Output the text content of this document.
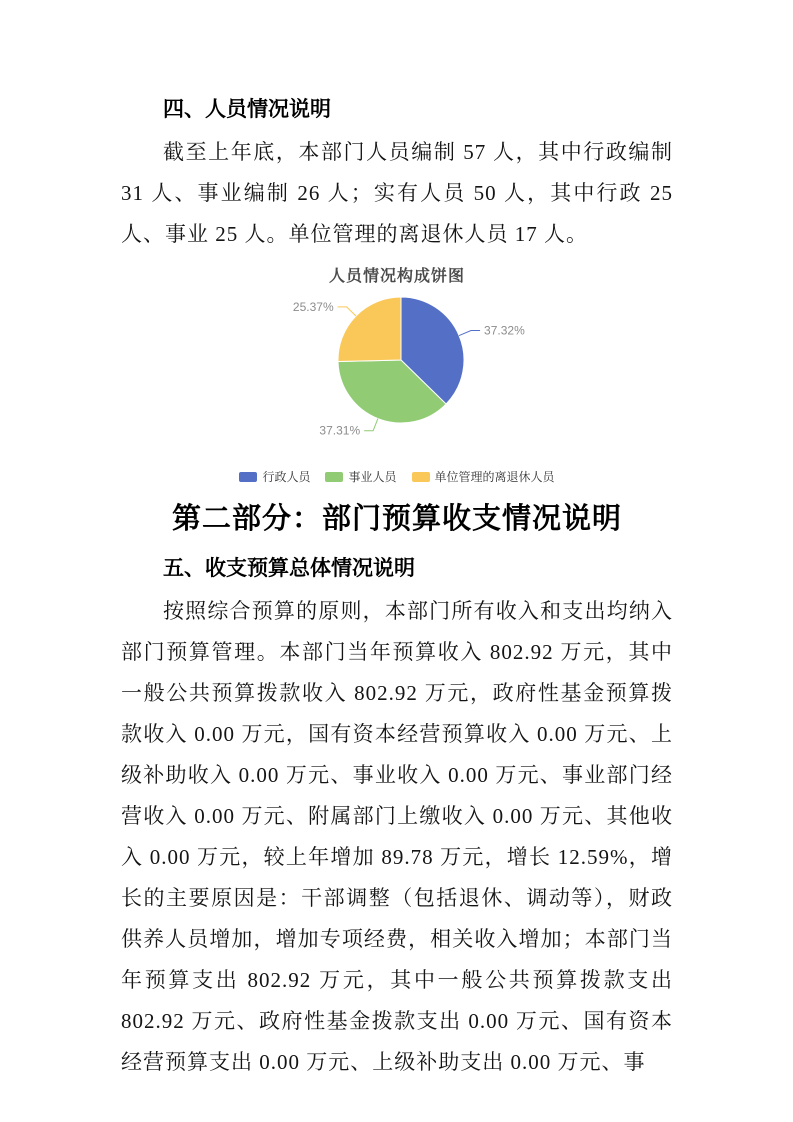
四、人员情况说明

截至上年底，本部门人员编制 57 人，其中行政编制 31 人、事业编制 26 人；实有人员 50 人，其中行政 25 人、事业 25 人。单位管理的离退休人员 17 人。

人员情况构成饼图
37.32%
37.31%
25.37%
行政人员	事业人员	单位管理的离退休人员
第二部分：部门预算收支情况说明
五、收支预算总体情况说明

按照综合预算的原则，本部门所有收入和支出均纳入部门预算管理。本部门当年预算收入 802.92 万元，其中一般公共预算拨款收入 802.92 万元，政府性基金预算拨款收入 0.00 万元，国有资本经营预算收入 0.00 万元、上级补助收入 0.00 万元、事业收入 0.00 万元、事业部门经营收入 0.00 万元、附属部门上缴收入 0.00 万元、其他收入 0.00 万元，较上年增加 89.78 万元，增长 12.59%，增长的主要原因是：干部调整（包括退休、调动等），财政供养人员增加，增加专项经费，相关收入增加；本部门当年预算支出 802.92 万元，其中一般公共预算拨款支出 802.92 万元、政府性基金拨款支出 0.00 万元、国有资本经营预算支出 0.00 万元、上级补助支出 0.00 万元、事
